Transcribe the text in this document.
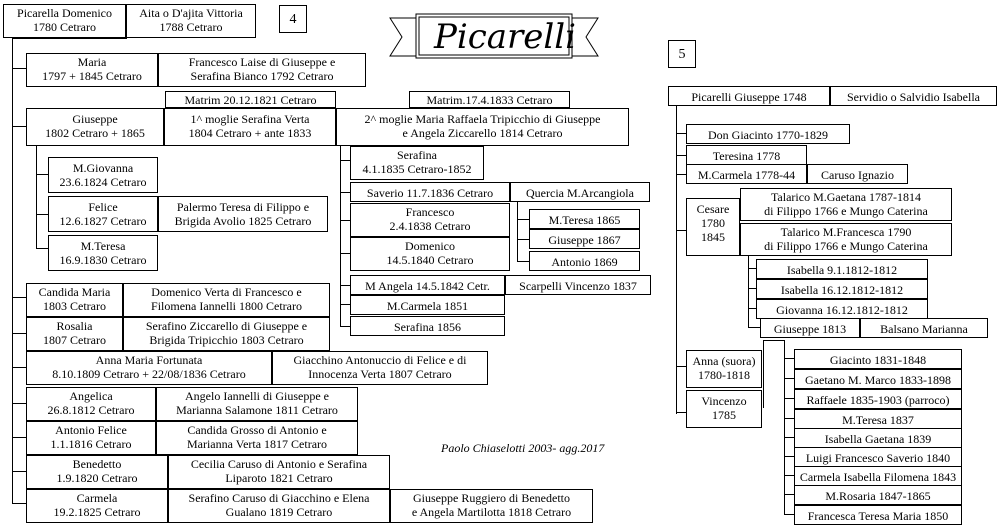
Picarelli
4
5
Paolo Chiaselotti 2003- agg.2017
Picarella Domenico
1780 Cetraro
Aita o D'ajita Vittoria
1788 Cetraro
Maria
1797 + 1845 Cetraro
Francesco Laise di Giuseppe e
Serafina Bianco 1792 Cetraro
Matrim 20.12.1821 Cetraro	Matrim.17.4.1833 Cetraro
Giuseppe
1802 Cetraro + 1865
1^ moglie Serafina Verta
1804 Cetraro + ante 1833
2^ moglie Maria Raffaela Tripicchio di Giuseppe
e Angela Ziccarello 1814 Cetraro
M.Giovanna
23.6.1824 Cetraro
Felice
12.6.1827 Cetraro
Palermo Teresa di Filippo e
Brigida Avolio 1825 Cetraro
M.Teresa
16.9.1830 Cetraro
Serafina
4.1.1835 Cetraro-1852
Saverio 11.7.1836 Cetraro	Quercia M.Arcangiola
M.Teresa 1865
Giuseppe 1867
Antonio 1869
Francesco
2.4.1838 Cetraro
Domenico
14.5.1840 Cetraro
M Angela 14.5.1842 Cetr.	Scarpelli Vincenzo 1837
M.Carmela 1851
Serafina 1856
Candida Maria
1803 Cetraro
Domenico Verta di Francesco e
Filomena Iannelli 1800 Cetraro
Rosalia
1807 Cetraro
Serafino Ziccarello di Giuseppe e
Brigida Tripicchio 1803 Cetraro
Anna Maria Fortunata
8.10.1809 Cetraro + 22/08/1836 Cetraro
Giacchino Antonuccio di Felice e di
Innocenza Verta 1807 Cetraro
Angelica
26.8.1812 Cetraro
Angelo Iannelli di Giuseppe e
Marianna Salamone 1811 Cetraro
Antonio Felice
1.1.1816 Cetraro
Candida Grosso di Antonio e
Marianna Verta 1817 Cetraro
Benedetto
1.9.1820 Cetraro
Cecilia Caruso di Antonio e Serafina
Liparoto 1821 Cetraro
Carmela
19.2.1825 Cetraro
Serafino Caruso di Giacchino e Elena
Gualano 1819 Cetraro
Giuseppe Ruggiero di Benedetto
e Angela Martilotta 1818 Cetraro
Picarelli Giuseppe 1748	Servidio o Salvidio Isabella
Don Giacinto 1770-1829
Teresina 1778
M.Carmela 1778-44	Caruso Ignazio
Cesare
1780
1845
Talarico M.Gaetana 1787-1814
di Filippo 1766 e Mungo Caterina
Talarico M.Francesca 1790
di Filippo 1766 e Mungo Caterina
Isabella 9.1.1812-1812
Isabella 16.12.1812-1812
Giovanna 16.12.1812-1812
Giuseppe 1813	Balsano Marianna
Anna (suora)
1780-1818
Vincenzo
1785
Giacinto 1831-1848
Gaetano M. Marco 1833-1898
Raffaele 1835-1903 (parroco)
M.Teresa 1837
Isabella Gaetana 1839
Luigi Francesco Saverio 1840
Carmela Isabella Filomena 1843
M.Rosaria 1847-1865
Francesca Teresa Maria 1850
